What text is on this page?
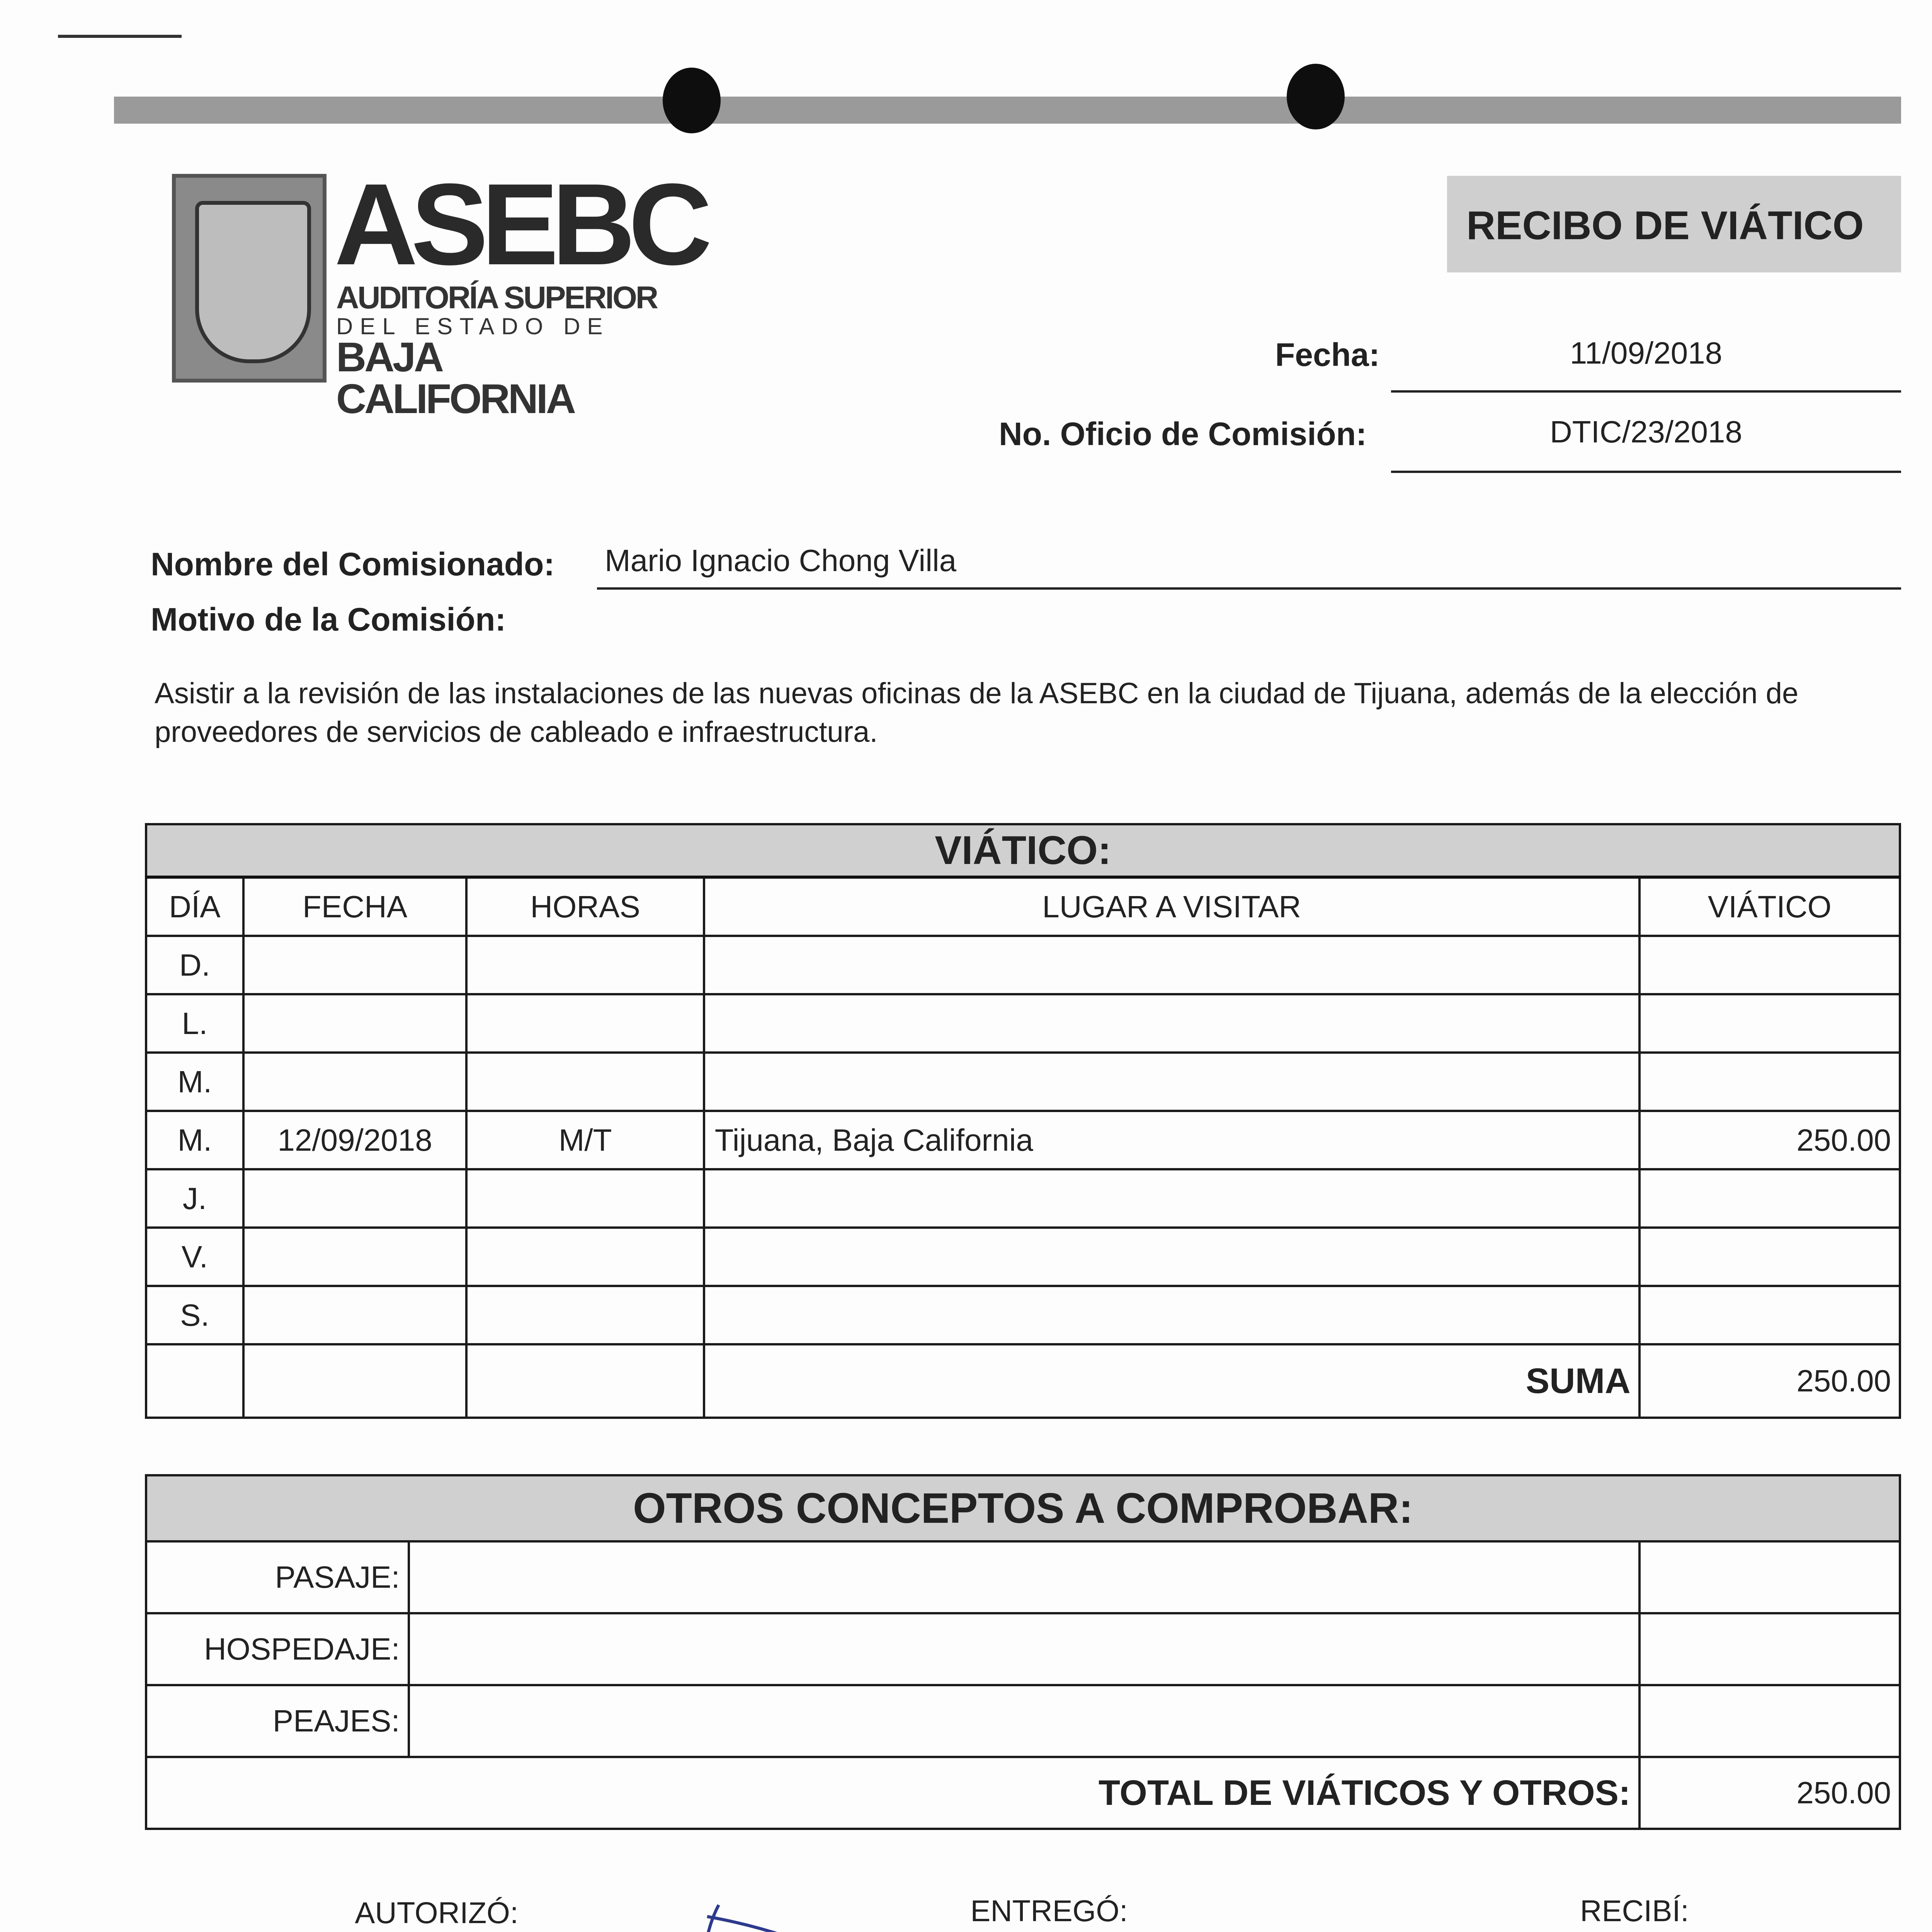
ASEBC
AUDITORÍA SUPERIOR
DEL ESTADO DE
BAJA CALIFORNIA
RECIBO DE VIÁTICO
Fecha:	11/09/2018
No. Oficio de Comisión:	DTIC/23/2018
Nombre del Comisionado: Mario Ignacio Chong Villa
Motivo de la Comisión:
Asistir a la revisión de las instalaciones de las nuevas oficinas de la ASEBC en la ciudad de Tijuana, además de la elección de proveedores de servicios de cableado e infraestructura.
VIÁTICO:				
DÍA	FECHA	HORAS	LUGAR A VISITAR	VIÁTICO
D.				
L.				
M.				
M.	12/09/2018	M/T	Tijuana, Baja California	250.00
J.				
V.				
S.				
			SUMA	250.00
OTROS CONCEPTOS A COMPROBAR:		
PASAJE:		
HOSPEDAJE:		
PEAJES:		
TOTAL DE VIÁTICOS Y OTROS:		250.00
AUTORIZÓ:	ENTREGÓ:	RECIBÍ:
